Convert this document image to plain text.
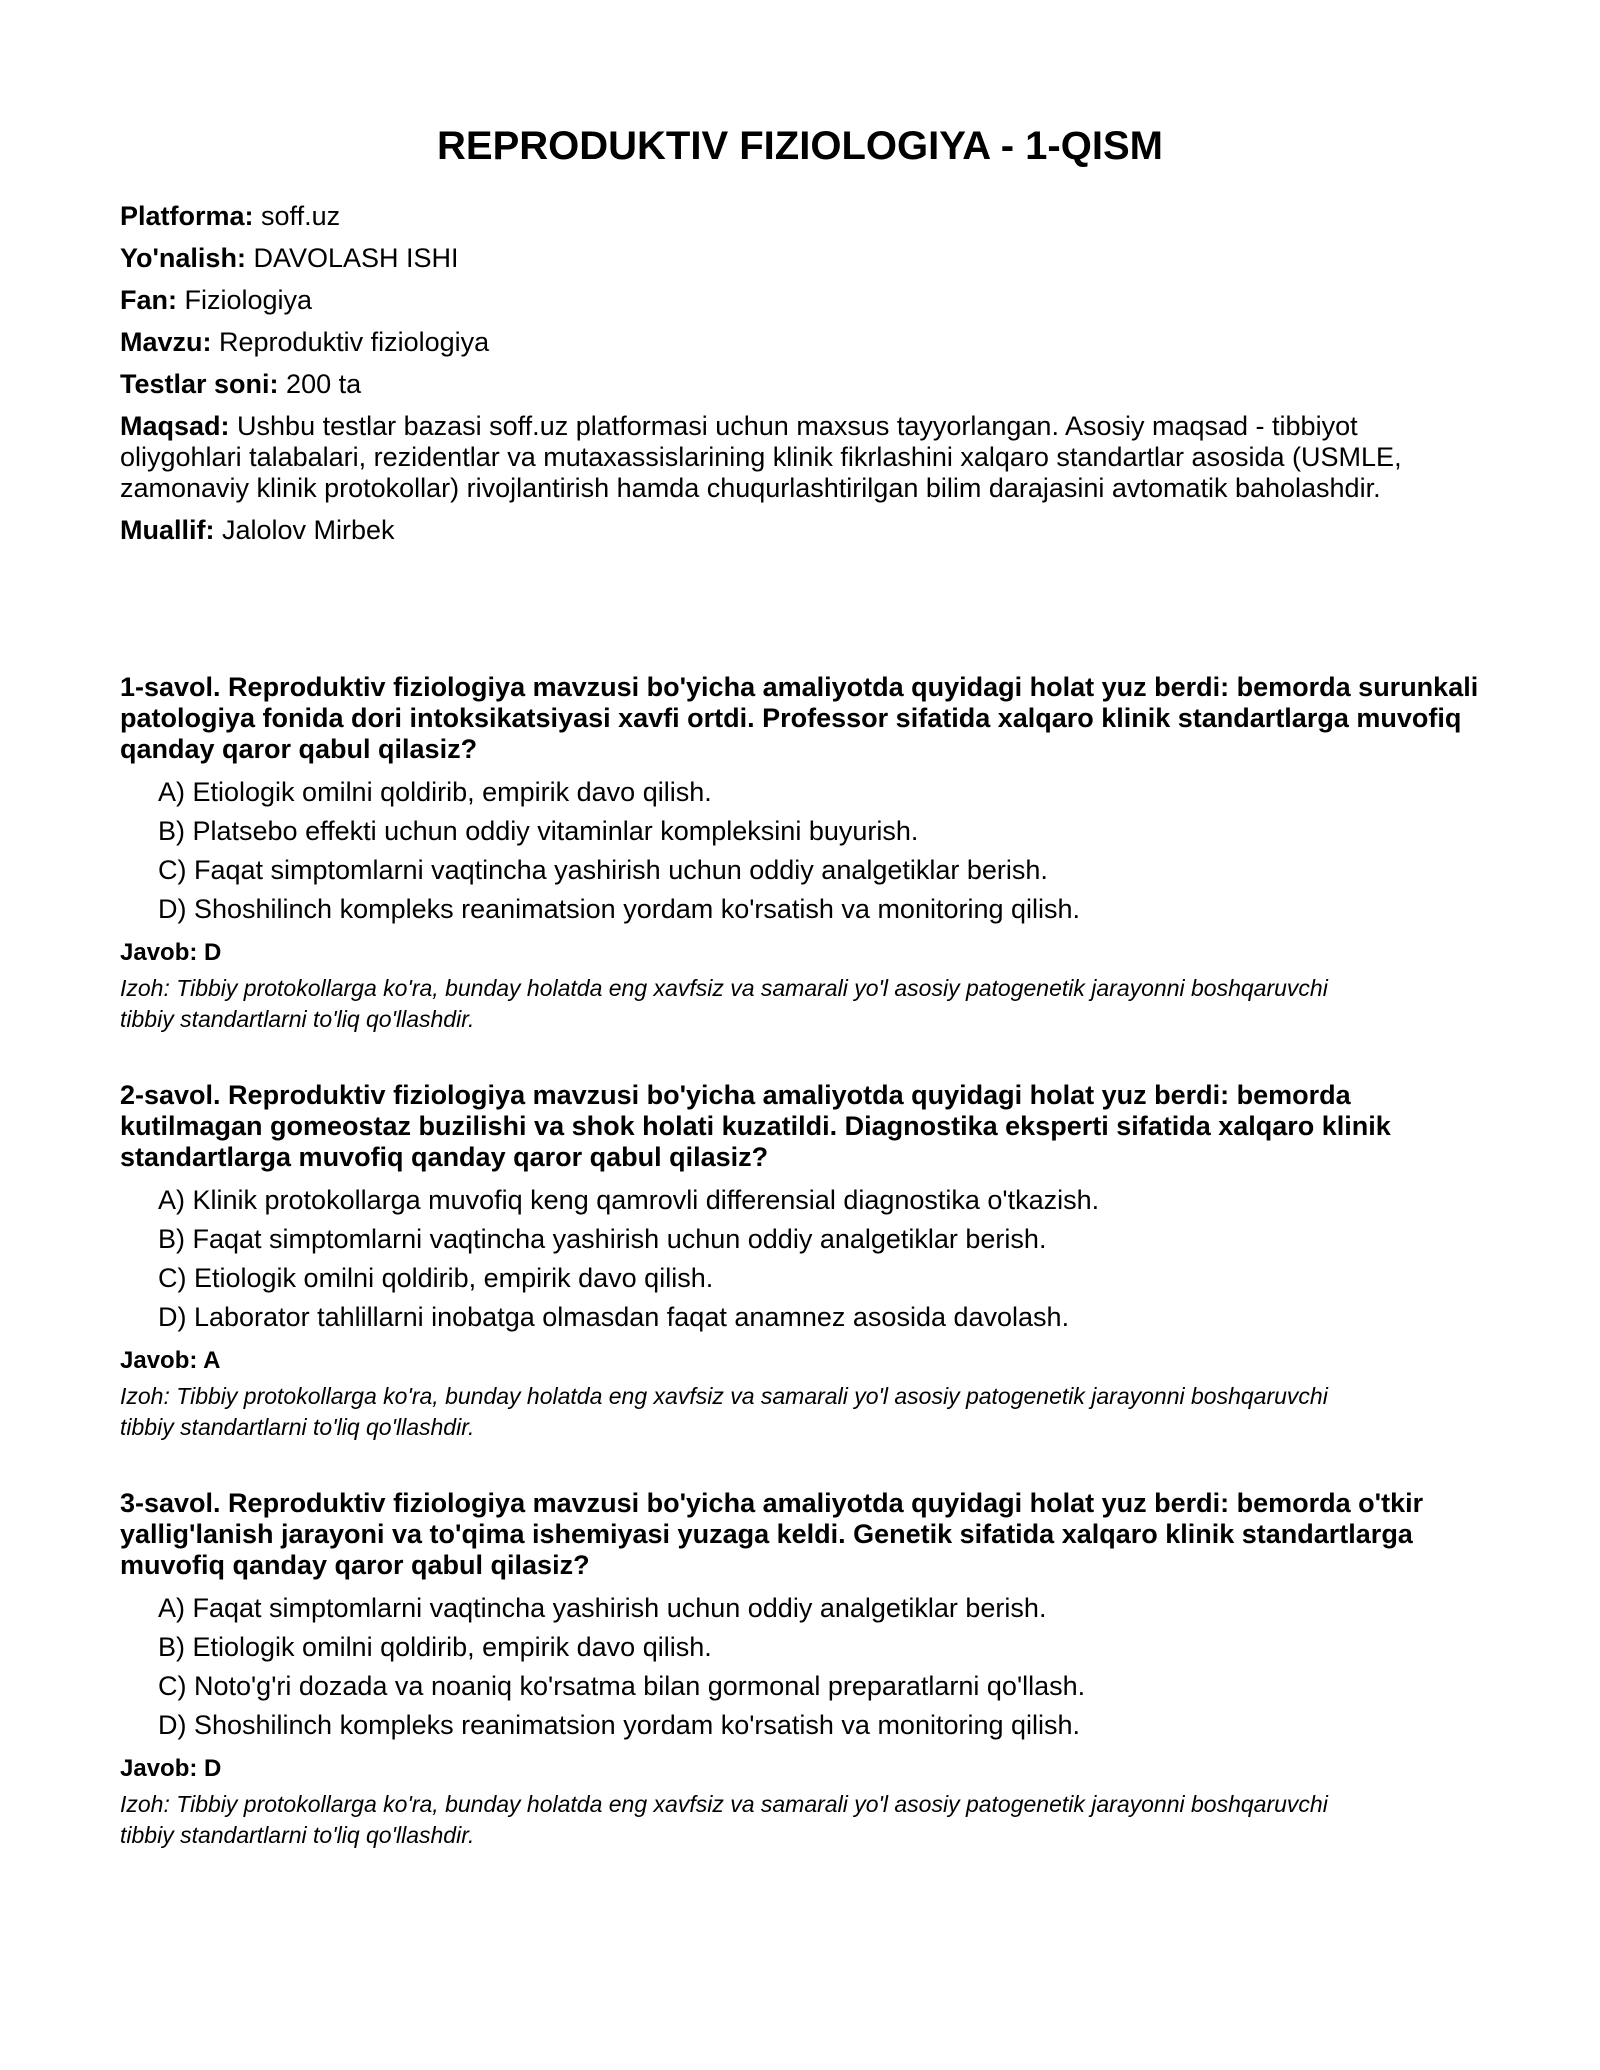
REPRODUKTIV FIZIOLOGIYA - 1-QISM

Platforma: soff.uz

Yo'nalish: DAVOLASH ISHI

Fan: Fiziologiya

Mavzu: Reproduktiv fiziologiya

Testlar soni: 200 ta

Maqsad: Ushbu testlar bazasi soff.uz platformasi uchun maxsus tayyorlangan. Asosiy maqsad - tibbiyot oliygohlari talabalari, rezidentlar va mutaxassislarining klinik fikrlashini xalqaro standartlar asosida (USMLE, zamonaviy klinik protokollar) rivojlantirish hamda chuqurlashtirilgan bilim darajasini avtomatik baholashdir.

Muallif: Jalolov Mirbek

1-savol. Reproduktiv fiziologiya mavzusi bo'yicha amaliyotda quyidagi holat yuz berdi: bemorda surunkali patologiya fonida dori intoksikatsiyasi xavfi ortdi. Professor sifatida xalqaro klinik standartlarga muvofiq qanday qaror qabul qilasiz?

A) Etiologik omilni qoldirib, empirik davo qilish.
B) Platsebo effekti uchun oddiy vitaminlar kompleksini buyurish.
C) Faqat simptomlarni vaqtincha yashirish uchun oddiy analgetiklar berish.
D) Shoshilinch kompleks reanimatsion yordam ko'rsatish va monitoring qilish.

Javob: D

Izoh: Tibbiy protokollarga ko'ra, bunday holatda eng xavfsiz va samarali yo'l asosiy patogenetik jarayonni boshqaruvchi tibbiy standartlarni to'liq qo'llashdir.

2-savol. Reproduktiv fiziologiya mavzusi bo'yicha amaliyotda quyidagi holat yuz berdi: bemorda kutilmagan gomeostaz buzilishi va shok holati kuzatildi. Diagnostika eksperti sifatida xalqaro klinik standartlarga muvofiq qanday qaror qabul qilasiz?

A) Klinik protokollarga muvofiq keng qamrovli differensial diagnostika o'tkazish.
B) Faqat simptomlarni vaqtincha yashirish uchun oddiy analgetiklar berish.
C) Etiologik omilni qoldirib, empirik davo qilish.
D) Laborator tahlillarni inobatga olmasdan faqat anamnez asosida davolash.

Javob: A

Izoh: Tibbiy protokollarga ko'ra, bunday holatda eng xavfsiz va samarali yo'l asosiy patogenetik jarayonni boshqaruvchi tibbiy standartlarni to'liq qo'llashdir.

3-savol. Reproduktiv fiziologiya mavzusi bo'yicha amaliyotda quyidagi holat yuz berdi: bemorda o'tkir yallig'lanish jarayoni va to'qima ishemiyasi yuzaga keldi. Genetik sifatida xalqaro klinik standartlarga muvofiq qanday qaror qabul qilasiz?

A) Faqat simptomlarni vaqtincha yashirish uchun oddiy analgetiklar berish.
B) Etiologik omilni qoldirib, empirik davo qilish.
C) Noto'g'ri dozada va noaniq ko'rsatma bilan gormonal preparatlarni qo'llash.
D) Shoshilinch kompleks reanimatsion yordam ko'rsatish va monitoring qilish.

Javob: D

Izoh: Tibbiy protokollarga ko'ra, bunday holatda eng xavfsiz va samarali yo'l asosiy patogenetik jarayonni boshqaruvchi tibbiy standartlarni to'liq qo'llashdir.
